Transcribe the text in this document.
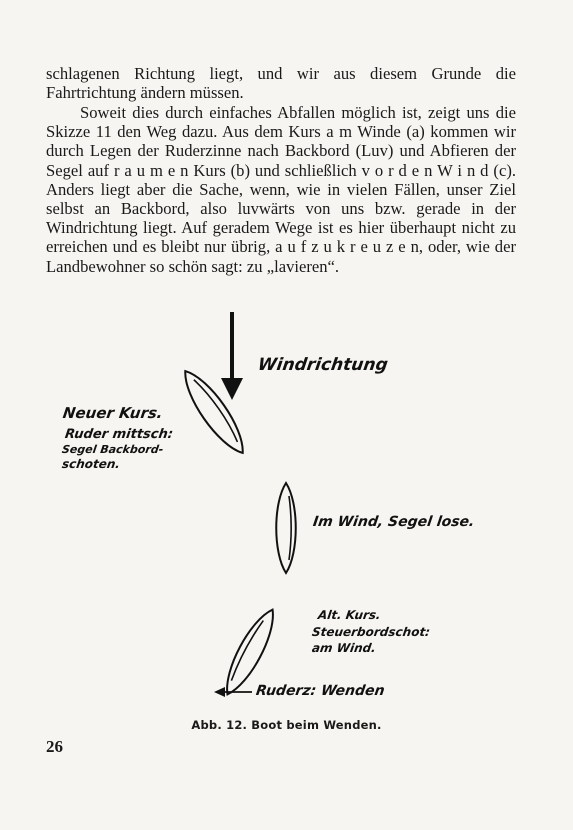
schlagenen Richtung liegt, und wir aus diesem Grunde die Fahrtrichtung ändern müssen.

Soweit dies durch einfaches Abfallen möglich ist, zeigt uns die Skizze 11 den Weg dazu. Aus dem Kurs a m Winde (a) kommen wir durch Legen der Ruderzinne nach Backbord (Luv) und Abfieren der Segel auf r a u m e n Kurs (b) und schließlich v o r d e n W i n d (c). Anders liegt aber die Sache, wenn, wie in vielen Fällen, unser Ziel selbst an Backbord, also luvwärts von uns bzw. gerade in der Windrichtung liegt. Auf geradem Wege ist es hier überhaupt nicht zu erreichen und es bleibt nur übrig, a u f z u k r e u z e n, oder, wie der Landbewohner so schön sagt: zu „lavieren“.

Windrichtung
Neuer Kurs.
Ruder mittsch:
Segel Backbord-
schoten.
Im Wind, Segel lose.
Alt. Kurs.
Steuerbordschot:
am Wind.
Ruderz: Wenden
Abb. 12. Boot beim Wenden.
26
